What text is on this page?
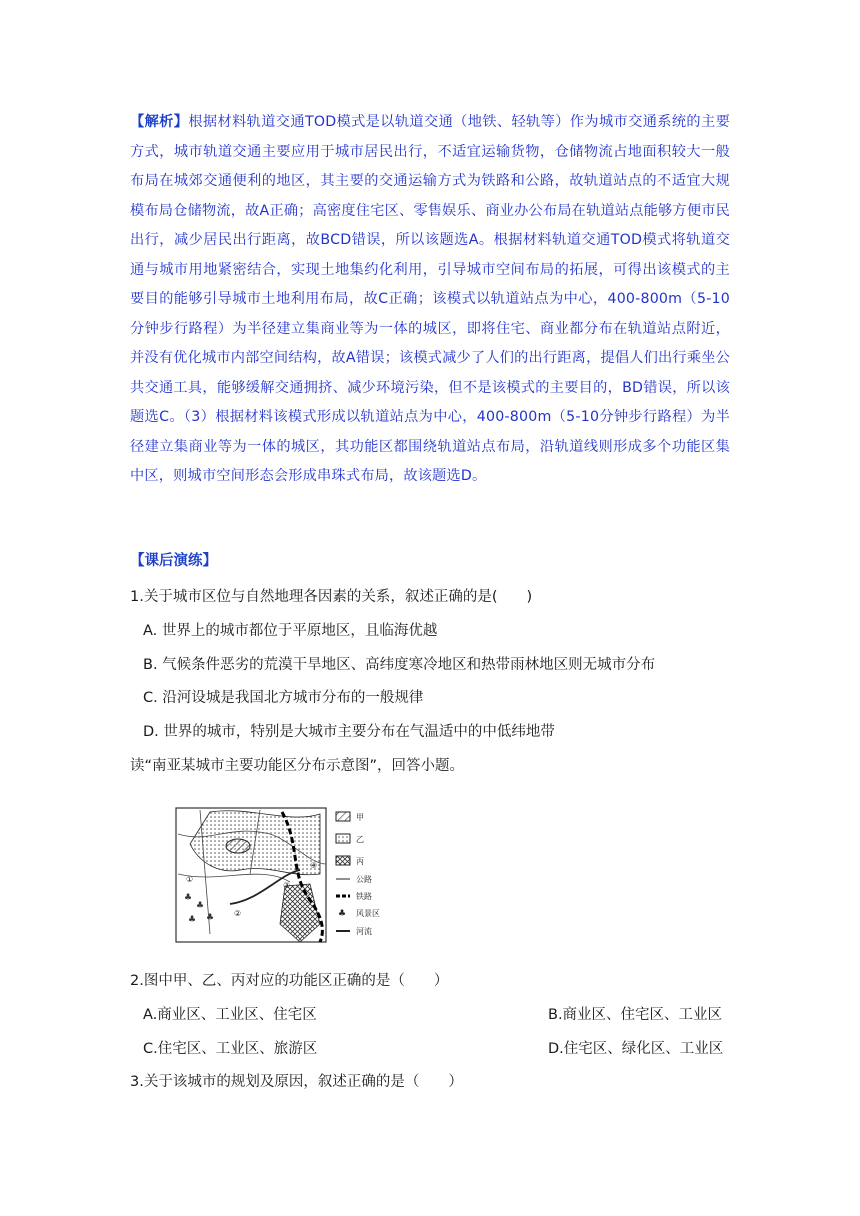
【解析】根据材料轨道交通TOD模式是以轨道交通（地铁、轻轨等）作为城市交通系统的主要方式，城市轨道交通主要应用于城市居民出行，不适宜运输货物，仓储物流占地面积较大一般布局在城郊交通便利的地区，其主要的交通运输方式为铁路和公路，故轨道站点的不适宜大规模布局仓储物流，故A正确；高密度住宅区、零售娱乐、商业办公布局在轨道站点能够方便市民出行，减少居民出行距离，故BCD错误，所以该题选A。根据材料轨道交通TOD模式将轨道交通与城市用地紧密结合，实现土地集约化利用，引导城市空间布局的拓展，可得出该模式的主要目的能够引导城市土地利用布局，故C正确；该模式以轨道站点为中心，400-800m（5-10分钟步行路程）为半径建立集商业等为一体的城区，即将住宅、商业都分布在轨道站点附近，并没有优化城市内部空间结构，故A错误；该模式减少了人们的出行距离，提倡人们出行乘坐公共交通工具，能够缓解交通拥挤、减少环境污染，但不是该模式的主要目的，BD错误，所以该题选C。（3）根据材料该模式形成以轨道站点为中心，400-800m（5-10分钟步行路程）为半径建立集商业等为一体的城区，其功能区都围绕轨道站点布局，沿轨道线则形成多个功能区集中区，则城市空间形态会形成串珠式布局，故该题选D。
【课后演练】
1.关于城市区位与自然地理各因素的关系，叙述正确的是(　　)
A. 世界上的城市都位于平原地区，且临海优越
B. 气候条件恶劣的荒漠干旱地区、高纬度寒冷地区和热带雨林地区则无城市分布
C. 沿河设城是我国北方城市分布的一般规律
D. 世界的城市，特别是大城市主要分布在气温适中的中低纬地带
读“南亚某城市主要功能区分布示意图”，回答小题。
①
②
③
④
♣
♣
♣ ♣
甲
乙
丙
公路
铁路
♣ 风景区
河流
2.图中甲、乙、丙对应的功能区正确的是（　　）
A.商业区、工业区、住宅区	B.商业区、住宅区、工业区
C.住宅区、工业区、旅游区	D.住宅区、绿化区、工业区
3.关于该城市的规划及原因，叙述正确的是（　　）
